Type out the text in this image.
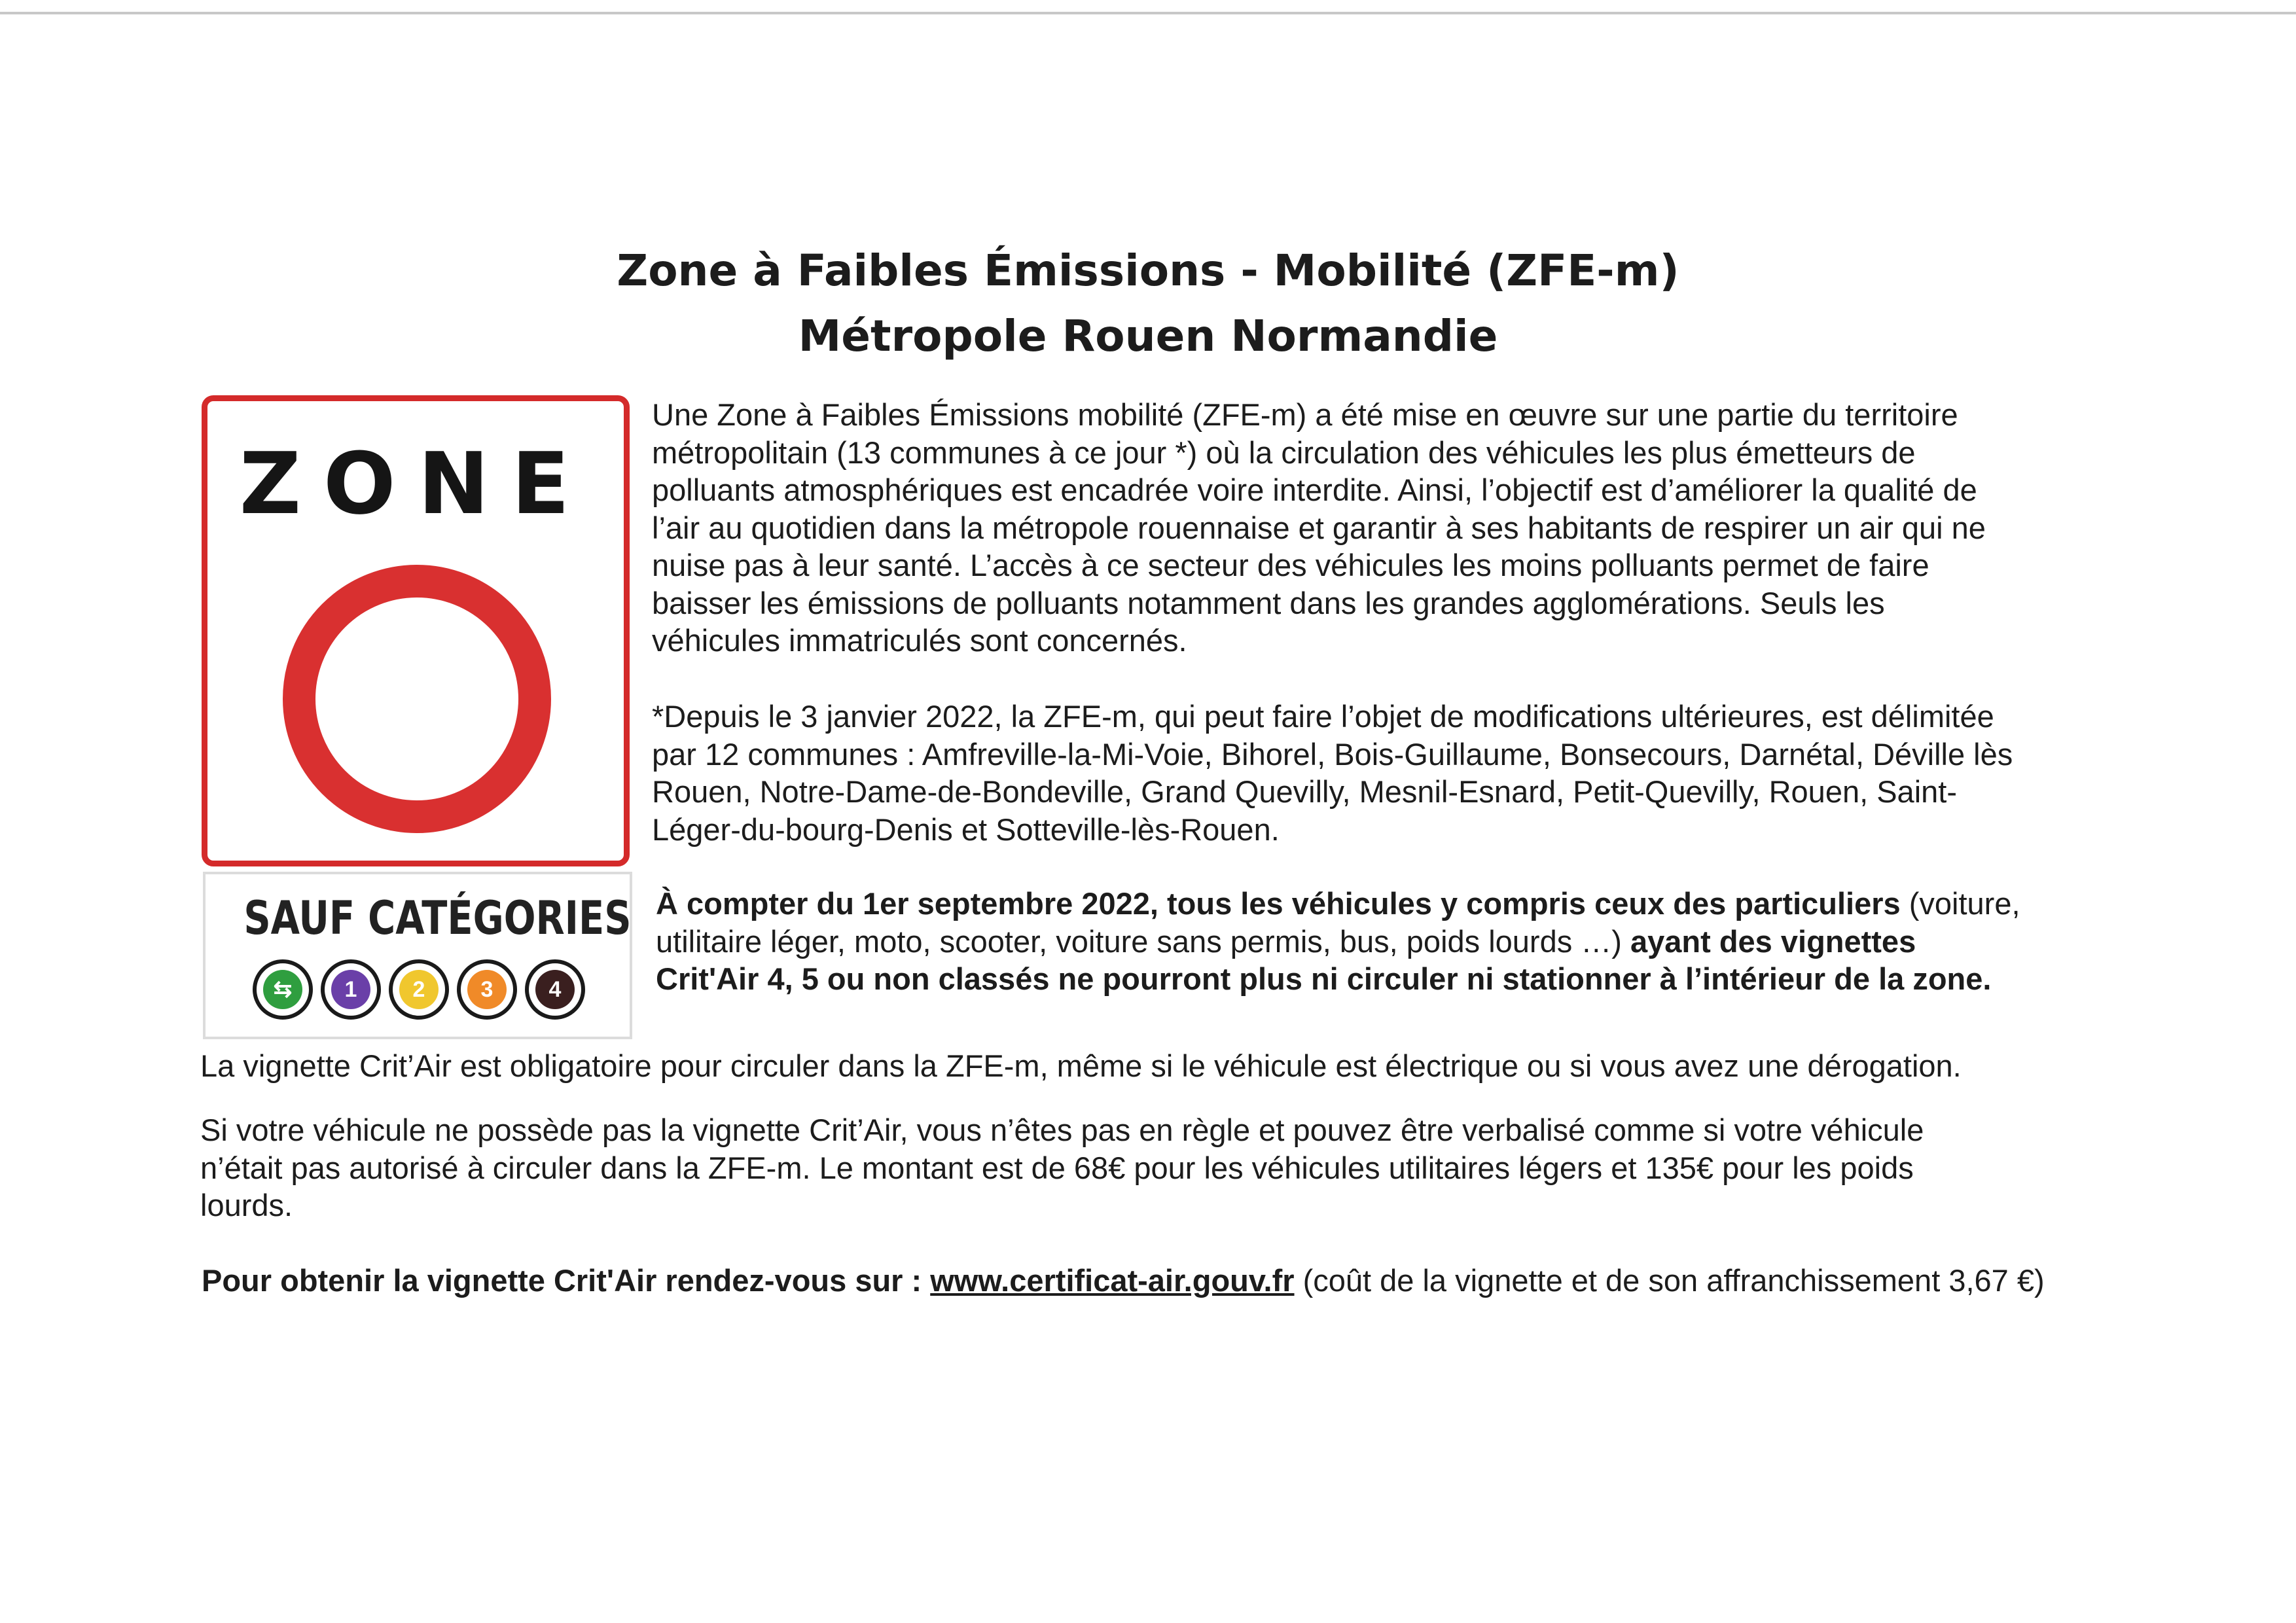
Zone à Faibles Émissions - Mobilité (ZFE-m)
Métropole Rouen Normandie
ZONE
SAUF CATÉGORIES
⇆	1	2	3	4
Une Zone à Faibles Émissions mobilité (ZFE-m) a été mise en œuvre sur une partie du territoire
métropolitain (13 communes à ce jour *) où la circulation des véhicules les plus émetteurs de
polluants atmosphériques est encadrée voire interdite. Ainsi, l’objectif est d’améliorer la qualité de
l’air au quotidien dans la métropole rouennaise et garantir à ses habitants de respirer un air qui ne
nuise pas à leur santé. L’accès à ce secteur des véhicules les moins polluants permet de faire
baisser les émissions de polluants notamment dans les grandes agglomérations. Seuls les
véhicules immatriculés sont concernés.
*Depuis le 3 janvier 2022, la ZFE-m, qui peut faire l’objet de modifications ultérieures, est délimitée
par 12 communes : Amfreville-la-Mi-Voie, Bihorel, Bois-Guillaume, Bonsecours, Darnétal, Déville lès
Rouen, Notre-Dame-de-Bondeville, Grand Quevilly, Mesnil-Esnard, Petit-Quevilly, Rouen, Saint-
Léger-du-bourg-Denis et Sotteville-lès-Rouen.
À compter du 1er septembre 2022, tous les véhicules y compris ceux des particuliers (voiture,
utilitaire léger, moto, scooter, voiture sans permis, bus, poids lourds …) ayant des vignettes
Crit'Air 4, 5 ou non classés ne pourront plus ni circuler ni stationner à l’intérieur de la zone.
La vignette Crit’Air est obligatoire pour circuler dans la ZFE-m, même si le véhicule est électrique ou si vous avez une dérogation.
Si votre véhicule ne possède pas la vignette Crit’Air, vous n’êtes pas en règle et pouvez être verbalisé comme si votre véhicule
n’était pas autorisé à circuler dans la ZFE-m. Le montant est de 68€ pour les véhicules utilitaires légers et 135€ pour les poids
lourds.
Pour obtenir la vignette Crit'Air rendez-vous sur : www.certificat-air.gouv.fr (coût de la vignette et de son affranchissement 3,67 €)
